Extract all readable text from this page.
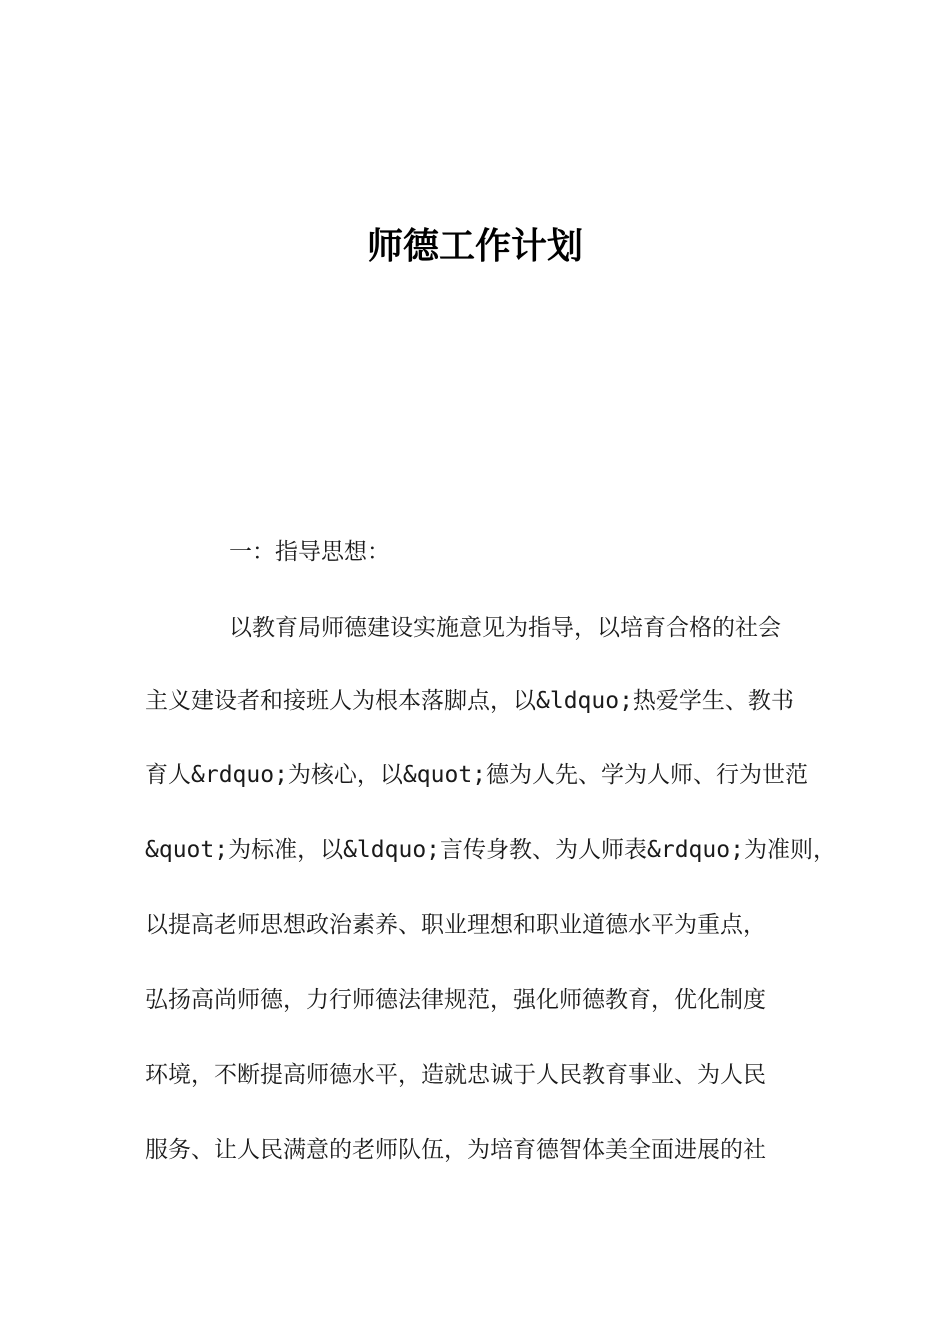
师德工作计划

一：指导思想：

以教育局师德建设实施意见为指导，以培育合格的社会

主义建设者和接班人为根本落脚点，以&ldquo;热爱学生、教书

育人&rdquo;为核心，以&quot;德为人先、学为人师、行为世范

&quot;为标准，以&ldquo;言传身教、为人师表&rdquo;为准则，

以提高老师思想政治素养、职业理想和职业道德水平为重点，

弘扬高尚师德，力行师德法律规范，强化师德教育，优化制度

环境，不断提高师德水平，造就忠诚于人民教育事业、为人民

服务、让人民满意的老师队伍，为培育德智体美全面进展的社
